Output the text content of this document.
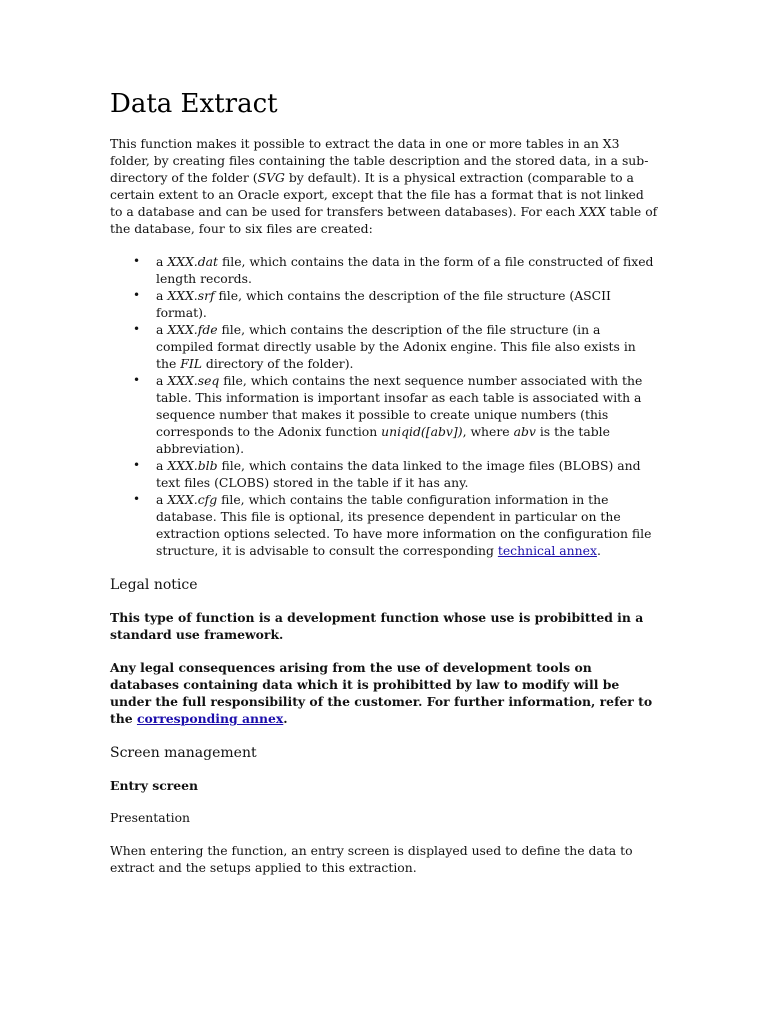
Data Extract

This function makes it possible to extract the data in one or more tables in an X3 folder, by creating files containing the table description and the stored data, in a sub-directory of the folder (SVG by default). It is a physical extraction (comparable to a certain extent to an Oracle export, except that the file has a format that is not linked to a database and can be used for transfers between databases). For each XXX table of the database, four to six files are created:

• a XXX.dat file, which contains the data in the form of a file constructed of fixed length records.
• a XXX.srf file, which contains the description of the file structure (ASCII format).
• a XXX.fde file, which contains the description of the file structure (in a compiled format directly usable by the Adonix engine. This file also exists in the FIL directory of the folder).
• a XXX.seq file, which contains the next sequence number associated with the table. This information is important insofar as each table is associated with a sequence number that makes it possible to create unique numbers (this corresponds to the Adonix function uniqid([abv]), where abv is the table abbreviation).
• a XXX.blb file, which contains the data linked to the image files (BLOBS) and text files (CLOBS) stored in the table if it has any.
• a XXX.cfg file, which contains the table configuration information in the database. This file is optional, its presence dependent in particular on the extraction options selected. To have more information on the configuration file structure, it is advisable to consult the corresponding technical annex.
Legal notice

This type of function is a development function whose use is probibitted in a standard use framework.

Any legal consequences arising from the use of development tools on databases containing data which it is prohibitted by law to modify will be under the full responsibility of the customer. For further information, refer to the corresponding annex.

Screen management
Entry screen

Presentation

When entering the function, an entry screen is displayed used to define the data to extract and the setups applied to this extraction.
